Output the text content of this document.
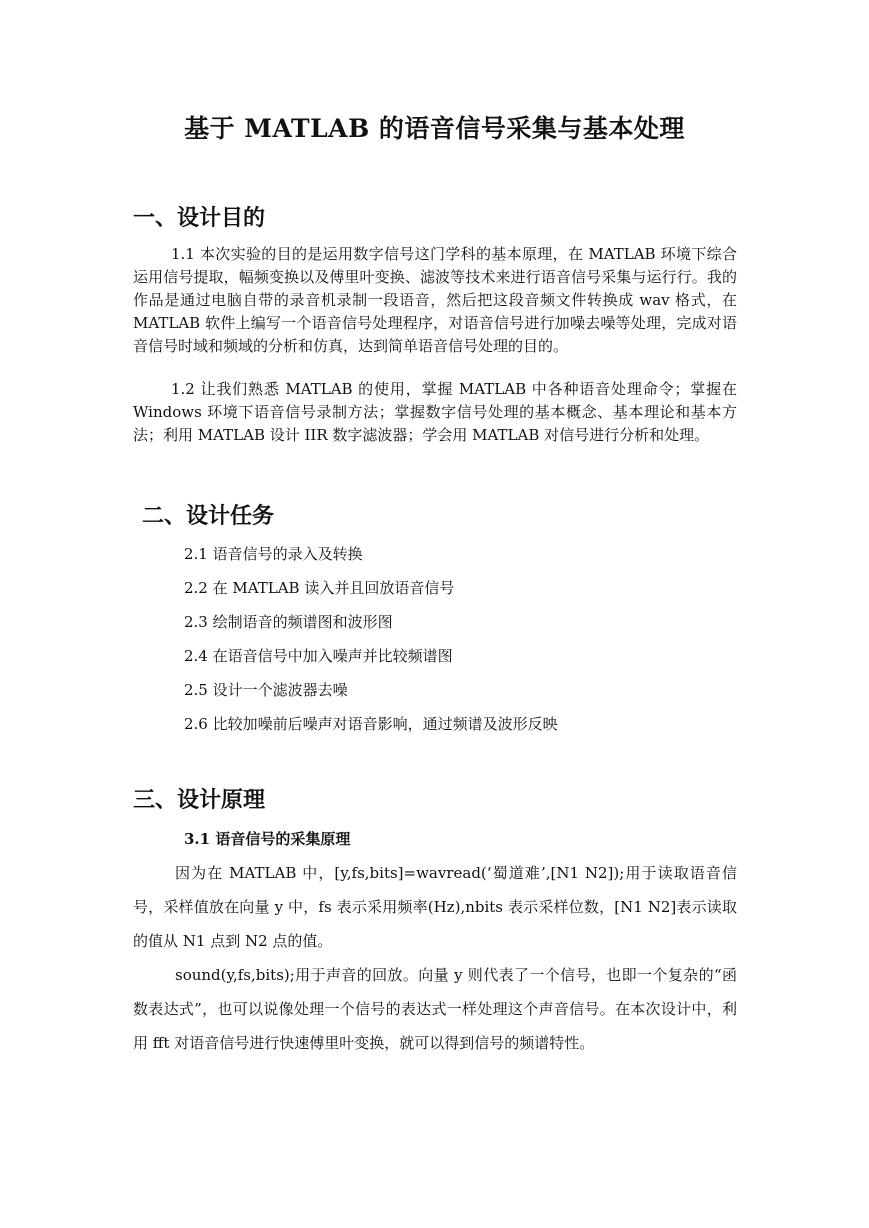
基于 MATLAB 的语音信号采集与基本处理
一、设计目的
1.1 本次实验的目的是运用数字信号这门学科的基本原理，在 MATLAB 环境下综合运用信号提取，幅频变换以及傅里叶变换、滤波等技术来进行语音信号采集与运行行。我的作品是通过电脑自带的录音机录制一段语音，然后把这段音频文件转换成 wav 格式，在 MATLAB 软件上编写一个语音信号处理程序，对语音信号进行加噪去噪等处理，完成对语音信号时域和频域的分析和仿真，达到简单语音信号处理的目的。
1.2 让我们熟悉 MATLAB 的使用，掌握 MATLAB 中各种语音处理命令；掌握在 Windows 环境下语音信号录制方法；掌握数字信号处理的基本概念、基本理论和基本方法；利用 MATLAB 设计 IIR 数字滤波器；学会用 MATLAB 对信号进行分析和处理。
二、设计任务
2.1 语音信号的录入及转换
2.2 在 MATLAB 读入并且回放语音信号
2.3 绘制语音的频谱图和波形图
2.4 在语音信号中加入噪声并比较频谱图
2.5 设计一个滤波器去噪
2.6 比较加噪前后噪声对语音影响，通过频谱及波形反映
三、设计原理
3.1 语音信号的采集原理
因为在 MATLAB 中，[y,fs,bits]=wavread(‘蜀道难’,[N1 N2]);用于读取语音信号，采样值放在向量 y 中，fs 表示采用频率(Hz),nbits 表示采样位数，[N1 N2]表示读取的值从 N1 点到 N2 点的值。
sound(y,fs,bits);用于声音的回放。向量 y 则代表了一个信号，也即一个复杂的“函数表达式”，也可以说像处理一个信号的表达式一样处理这个声音信号。在本次设计中，利用 fft 对语音信号进行快速傅里叶变换，就可以得到信号的频谱特性。
